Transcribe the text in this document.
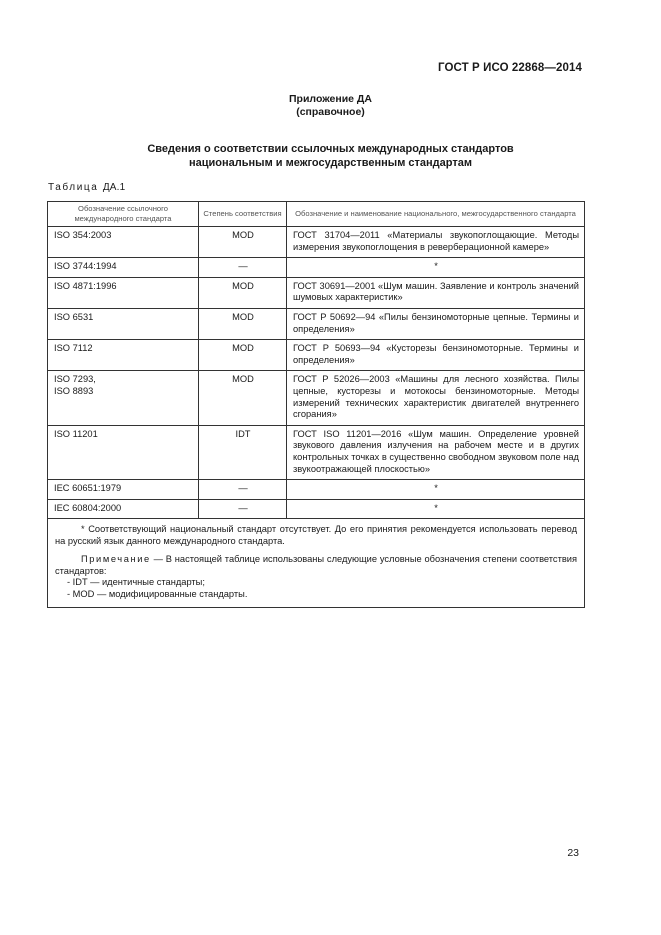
ГОСТ Р ИСО 22868—2014
Приложение ДА
(справочное)
Сведения о соответствии ссылочных международных стандартов
национальным и межгосударственным стандартам
Таблица ДА.1
Обозначение ссылочного международного стандарта	Степень соответствия	Обозначение и наименование национального, межгосударственного стандарта
ISO 354:2003	MOD	ГОСТ 31704—2011 «Материалы звукопоглощающие. Методы измерения звукопоглощения в реверберационной камере»
ISO 3744:1994	—	*
ISO 4871:1996	MOD	ГОСТ 30691—2001 «Шум машин. Заявление и контроль значений шумовых характеристик»
ISO 6531	MOD	ГОСТ Р 50692—94 «Пилы бензиномоторные цепные. Термины и определения»
ISO 7112	MOD	ГОСТ Р 50693—94 «Кусторезы бензиномоторные. Термины и определения»

ISO 7293,
ISO 8893	MOD	ГОСТ Р 52026—2003 «Машины для лесного хозяйства. Пилы цепные, кусторезы и мотокосы бензиномоторные. Методы измерений технических характеристик двигателей внутреннего сгорания»
ISO 11201	IDT	ГОСТ ISO 11201—2016 «Шум машин. Определение уровней звукового давления излучения на рабочем месте и в других контрольных точках в существенно свободном звуковом поле над звукоотражающей плоскостью»
IEC 60651:1979	—	*
IEC 60804:2000	—	*

* Соответствующий национальный стандарт отсутствует. До его принятия рекомендуется использовать перевод на русский язык данного международного стандарта.

Примечание — В настоящей таблице использованы следующие условные обозначения степени соответствия стандартов:

- IDT — идентичные стандарты;

- MOD — модифицированные стандарты.		

23
